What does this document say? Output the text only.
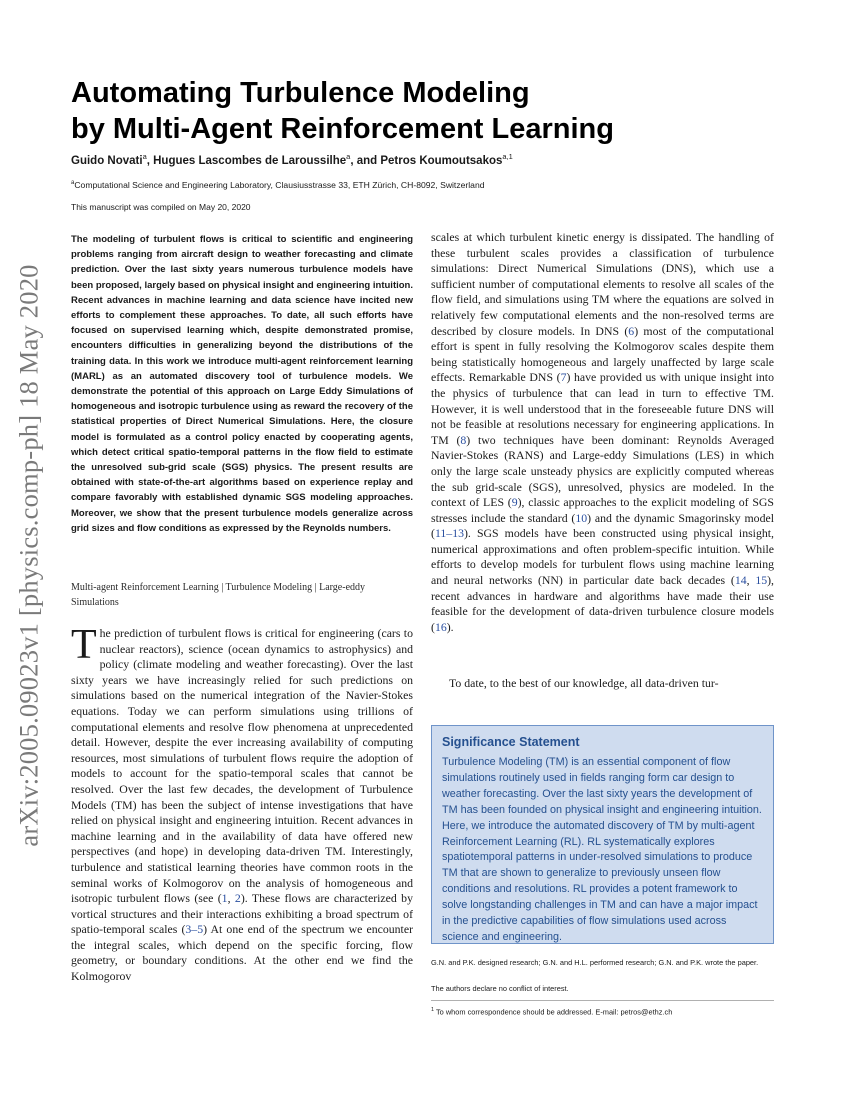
arXiv:2005.09023v1 [physics.comp-ph] 18 May 2020
Automating Turbulence Modeling
by Multi-Agent Reinforcement Learning
Guido Novati$^a$, Hugues Lascombes de Laroussilhe$^a$, and Petros Koumoutsakos$^{a,1}$
$^a$Computational Science and Engineering Laboratory, Clausiusstrasse 33, ETH Zürich, CH-8092, Switzerland
This manuscript was compiled on May 20, 2020

The modeling of turbulent flows is critical to scientific and engineering problems ranging from aircraft design to weather forecasting and climate prediction. Over the last sixty years numerous turbulence models have been proposed, largely based on physical insight and engineering intuition. Recent advances in machine learning and data science have incited new efforts to complement these approaches. To date, all such efforts have focused on supervised learning which, despite demonstrated promise, encounters difficulties in generalizing beyond the distributions of the training data. In this work we introduce multi-agent reinforcement learning (MARL) as an automated discovery tool of turbulence models. We demonstrate the potential of this approach on Large Eddy Simulations of homogeneous and isotropic turbulence using as reward the recovery of the statistical properties of Direct Numerical Simulations. Here, the closure model is formulated as a control policy enacted by cooperating agents, which detect critical spatio-temporal patterns in the flow field to estimate the unresolved sub-grid scale (SGS) physics. The present results are obtained with state-of-the-art algorithms based on experience replay and compare favorably with established dynamic SGS modeling approaches. Moreover, we show that the present turbulence models generalize across grid sizes and flow conditions as expressed by the Reynolds numbers.

Multi-agent Reinforcement Learning | Turbulence Modeling | Large-eddy Simulations

The prediction of turbulent flows is critical for engineering (cars to nuclear reactors), science (ocean dynamics to astrophysics) and policy (climate modeling and weather forecasting). Over the last sixty years we have increasingly relied for such predictions on simulations based on the numerical integration of the Navier-Stokes equations. Today we can perform simulations using trillions of computational elements and resolve flow phenomena at unprecedented detail. However, despite the ever increasing availability of computing resources, most simulations of turbulent flows require the adoption of models to account for the spatio-temporal scales that cannot be resolved. Over the last few decades, the development of Turbulence Models (TM) has been the subject of intense investigations that have relied on physical insight and engineering intuition. Recent advances in machine learning and in the availability of data have offered new perspectives (and hope) in developing data-driven TM. Interestingly, turbulence and statistical learning theories have common roots in the seminal works of Kolmogorov on the analysis of homogeneous and isotropic turbulent flows (see (1, 2). These flows are characterized by vortical structures and their interactions exhibiting a broad spectrum of spatio-temporal scales (3–5) At one end of the spectrum we encounter the integral scales, which depend on the specific forcing, flow geometry, or boundary conditions. At the other end we find the Kolmogorov

scales at which turbulent kinetic energy is dissipated. The handling of these turbulent scales provides a classification of turbulence simulations: Direct Numerical Simulations (DNS), which use a sufficient number of computational elements to resolve all scales of the flow field, and simulations using TM where the equations are solved in relatively few computational elements and the non-resolved terms are described by closure models. In DNS (6) most of the computational effort is spent in fully resolving the Kolmogorov scales despite them being statistically homogeneous and largely unaffected by large scale effects. Remarkable DNS (7) have provided us with unique insight into the physics of turbulence that can lead in turn to effective TM. However, it is well understood that in the foreseeable future DNS will not be feasible at resolutions necessary for engineering applications. In TM (8) two techniques have been dominant: Reynolds Averaged Navier-Stokes (RANS) and Large-eddy Simulations (LES) in which only the large scale unsteady physics are explicitly computed whereas the sub grid-scale (SGS), unresolved, physics are modeled. In the context of LES (9), classic approaches to the explicit modeling of SGS stresses include the standard (10) and the dynamic Smagorinsky model (11–13). SGS models have been constructed using physical insight, numerical approximations and often problem-specific intuition. While efforts to develop models for turbulent flows using machine learning and neural networks (NN) in particular date back decades (14, 15), recent advances in hardware and algorithms have made their use feasible for the development of data-driven turbulence closure models (16).

To date, to the best of our knowledge, all data-driven tur-

Significance Statement

Turbulence Modeling (TM) is an essential component of flow simulations routinely used in fields ranging form car design to weather forecasting. Over the last sixty years the development of TM has been founded on physical insight and engineering intuition. Here, we introduce the automated discovery of TM by multi-agent Reinforcement Learning (RL). RL systematically explores spatiotemporal patterns in under-resolved simulations to produce TM that are shown to generalize to previously unseen flow conditions and resolutions. RL provides a potent framework to solve longstanding challenges in TM and can have a major impact in the predictive capabilities of flow simulations used across science and engineering.

G.N. and P.K. designed research; G.N. and H.L. performed research; G.N. and P.K. wrote the paper.

The authors declare no conflict of interest.

$^1$ To whom correspondence should be addressed. E-mail: petros@ethz.ch
